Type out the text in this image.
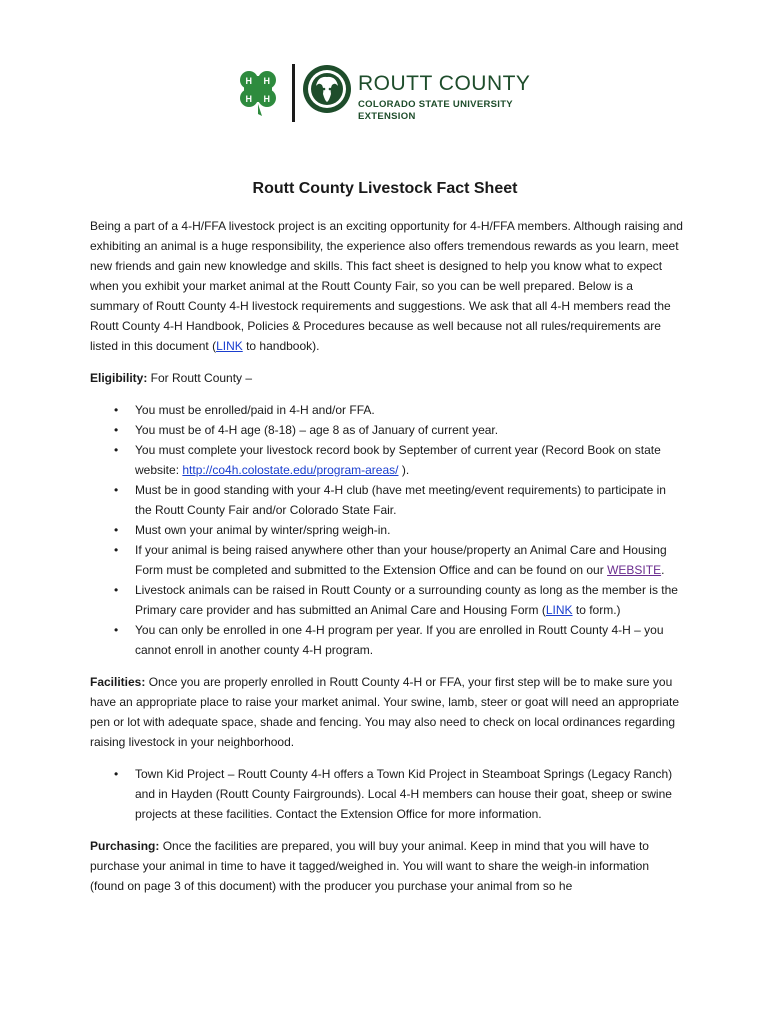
H H
H H
ROUTT COUNTY
COLORADO STATE UNIVERSITY
EXTENSION
Routt County Livestock Fact Sheet

Being a part of a 4-H/FFA livestock project is an exciting opportunity for 4-H/FFA members. Although raising and exhibiting an animal is a huge responsibility, the experience also offers tremendous rewards as you learn, meet new friends and gain new knowledge and skills. This fact sheet is designed to help you know what to expect when you exhibit your market animal at the Routt County Fair, so you can be well prepared. Below is a summary of Routt County 4-H livestock requirements and suggestions. We ask that all 4-H members read the Routt County 4-H Handbook, Policies & Procedures because as well because not all rules/requirements are listed in this document (LINK to handbook).

Eligibility: For Routt County –

• You must be enrolled/paid in 4-H and/or FFA.
• You must be of 4-H age (8-18) – age 8 as of January of current year.
• You must complete your livestock record book by September of current year (Record Book on state website: http://co4h.colostate.edu/program-areas/ ).
• Must be in good standing with your 4-H club (have met meeting/event requirements) to participate in the Routt County Fair and/or Colorado State Fair.
• Must own your animal by winter/spring weigh-in.
• If your animal is being raised anywhere other than your house/property an Animal Care and Housing Form must be completed and submitted to the Extension Office and can be found on our WEBSITE.
• Livestock animals can be raised in Routt County or a surrounding county as long as the member is the Primary care provider and has submitted an Animal Care and Housing Form (LINK to form.)
• You can only be enrolled in one 4-H program per year. If you are enrolled in Routt County 4-H – you cannot enroll in another county 4-H program.

Facilities: Once you are properly enrolled in Routt County 4-H or FFA, your first step will be to make sure you have an appropriate place to raise your market animal. Your swine, lamb, steer or goat will need an appropriate pen or lot with adequate space, shade and fencing. You may also need to check on local ordinances regarding raising livestock in your neighborhood.

• Town Kid Project – Routt County 4-H offers a Town Kid Project in Steamboat Springs (Legacy Ranch) and in Hayden (Routt County Fairgrounds). Local 4-H members can house their goat, sheep or swine projects at these facilities. Contact the Extension Office for more information.

Purchasing: Once the facilities are prepared, you will buy your animal. Keep in mind that you will have to purchase your animal in time to have it tagged/weighed in. You will want to share the weigh-in information (found on page 3 of this document) with the producer you purchase your animal from so he
